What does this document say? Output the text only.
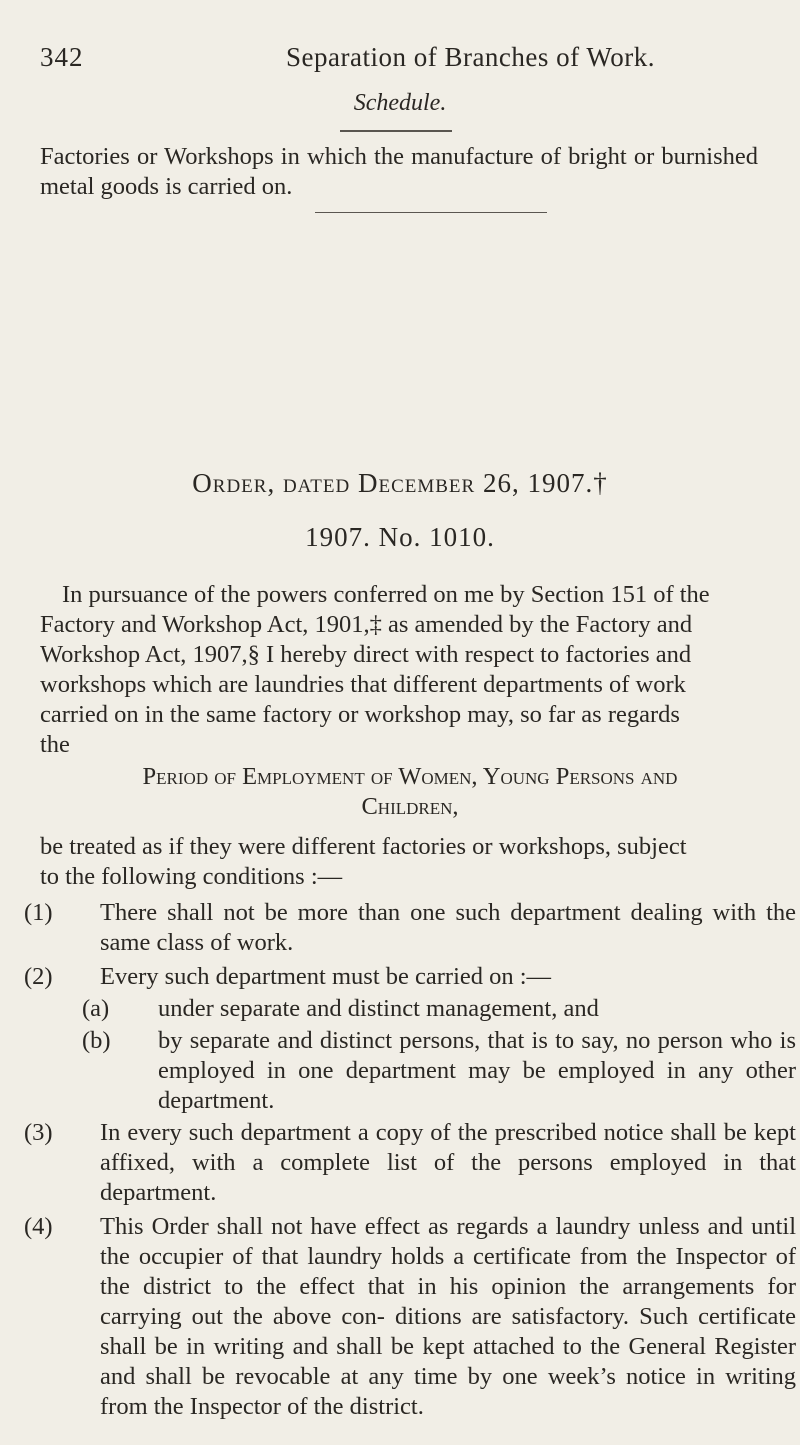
342	Separation of Branches of Work.
Schedule.
Factories or Workshops in which the manufacture of bright or burnished metal goods is carried on.
Order, dated December 26, 1907.†
1907. No. 1010.
In pursuance of the powers conferred on me by Section 151 of the
Factory and Workshop Act, 1901,‡ as amended by the Factory and
Workshop Act, 1907,§ I hereby direct with respect to factories and
workshops which are laundries that different departments of work
carried on in the same factory or workshop may, so far as regards
the
Period of Employment of Women, Young Persons and
Children,
be treated as if they were different factories or workshops, subject
to the following conditions :—
(1) There shall not be more than one such department dealing with the same class of work.
(2) Every such department must be carried on :—
(a) under separate and distinct management, and
(b) by separate and distinct persons, that is to say, no person who is employed in one department may be employed in any other department.
(3) In every such department a copy of the prescribed notice shall be kept affixed, with a complete list of the persons employed in that department.
(4) This Order shall not have effect as regards a laundry unless and until the occupier of that laundry holds a certificate from the Inspector of the district to the effect that in his opinion the arrangements for carrying out the above con- ditions are satisfactory. Such certificate shall be in writing and shall be kept attached to the General Register and shall be revocable at any time by one week’s notice in writing from the Inspector of the district.
